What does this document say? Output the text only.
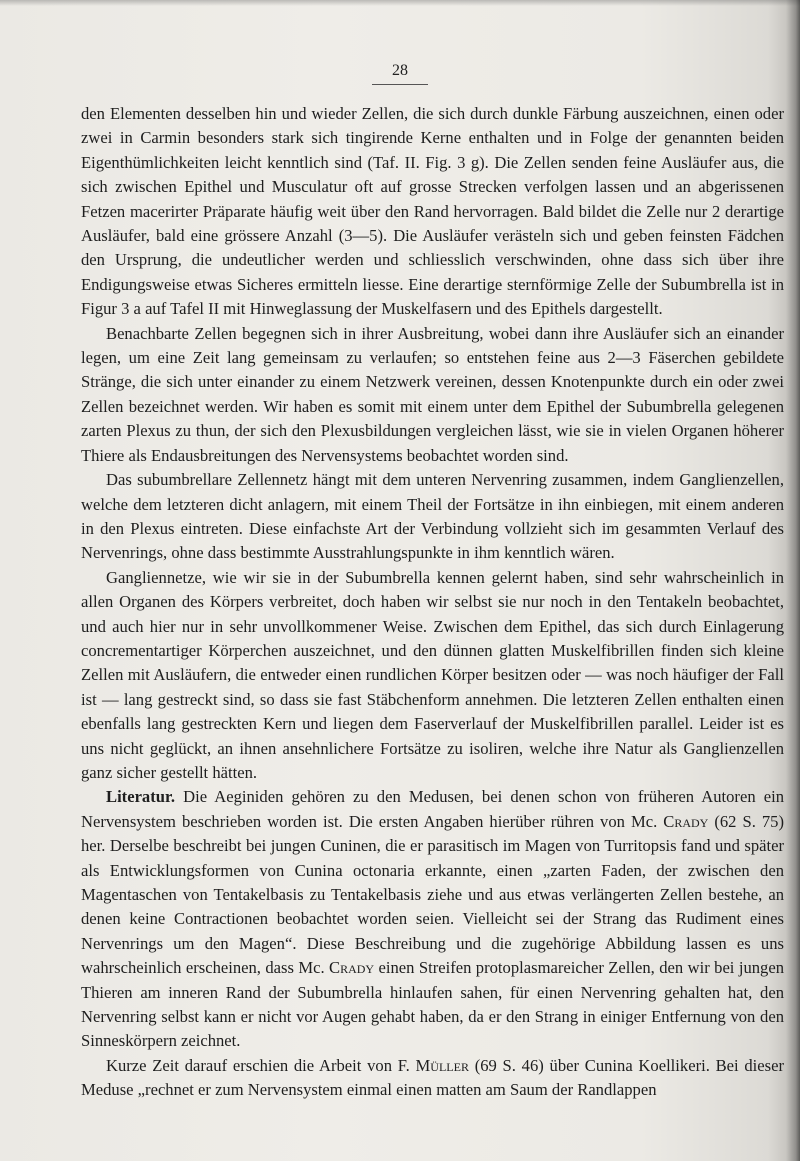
28

den Elementen desselben hin und wieder Zellen, die sich durch dunkle Färbung auszeichnen, einen oder zwei in Carmin besonders stark sich tingirende Kerne enthalten und in Folge der genannten beiden Eigenthümlichkeiten leicht kenntlich sind (Taf. II. Fig. 3 g). Die Zellen senden feine Ausläufer aus, die sich zwischen Epithel und Musculatur oft auf grosse Strecken verfolgen lassen und an abgerissenen Fetzen macerirter Präparate häufig weit über den Rand hervorragen. Bald bildet die Zelle nur 2 derartige Ausläufer, bald eine grössere Anzahl (3—5). Die Ausläufer verästeln sich und geben feinsten Fädchen den Ursprung, die undeutlicher werden und schliesslich verschwinden, ohne dass sich über ihre Endigungsweise etwas Sicheres ermitteln liesse. Eine derartige sternförmige Zelle der Subumbrella ist in Figur 3 a auf Tafel II mit Hinweglassung der Muskelfasern und des Epithels dargestellt.

Benachbarte Zellen begegnen sich in ihrer Ausbreitung, wobei dann ihre Ausläufer sich an einander legen, um eine Zeit lang gemeinsam zu verlaufen; so entstehen feine aus 2—3 Fäserchen gebildete Stränge, die sich unter einander zu einem Netzwerk vereinen, dessen Knotenpunkte durch ein oder zwei Zellen bezeichnet werden. Wir haben es somit mit einem unter dem Epithel der Subumbrella gelegenen zarten Plexus zu thun, der sich den Plexusbildungen vergleichen lässt, wie sie in vielen Organen höherer Thiere als Endausbreitungen des Nervensystems beobachtet worden sind.

Das subumbrellare Zellennetz hängt mit dem unteren Nervenring zusammen, indem Ganglienzellen, welche dem letzteren dicht anlagern, mit einem Theil der Fortsätze in ihn einbiegen, mit einem anderen in den Plexus eintreten. Diese einfachste Art der Verbindung vollzieht sich im gesammten Verlauf des Nervenrings, ohne dass bestimmte Ausstrahlungspunkte in ihm kenntlich wären.

Gangliennetze, wie wir sie in der Subumbrella kennen gelernt haben, sind sehr wahrscheinlich in allen Organen des Körpers verbreitet, doch haben wir selbst sie nur noch in den Tentakeln beobachtet, und auch hier nur in sehr unvollkommener Weise. Zwischen dem Epithel, das sich durch Einlagerung concrementartiger Körperchen auszeichnet, und den dünnen glatten Muskelfibrillen finden sich kleine Zellen mit Ausläufern, die entweder einen rundlichen Körper besitzen oder — was noch häufiger der Fall ist — lang gestreckt sind, so dass sie fast Stäbchenform annehmen. Die letzteren Zellen enthalten einen ebenfalls lang gestreckten Kern und liegen dem Faserverlauf der Muskelfibrillen parallel. Leider ist es uns nicht geglückt, an ihnen ansehnlichere Fortsätze zu isoliren, welche ihre Natur als Ganglienzellen ganz sicher gestellt hätten.

Literatur. Die Aeginiden gehören zu den Medusen, bei denen schon von früheren Autoren ein Nervensystem beschrieben worden ist. Die ersten Angaben hierüber rühren von Mc. Crady (62 S. 75) her. Derselbe beschreibt bei jungen Cuninen, die er parasitisch im Magen von Turritopsis fand und später als Entwicklungsformen von Cunina octonaria erkannte, einen „zarten Faden, der zwischen den Magentaschen von Tentakelbasis zu Tentakelbasis ziehe und aus etwas verlängerten Zellen bestehe, an denen keine Contractionen beobachtet worden seien. Vielleicht sei der Strang das Rudiment eines Nervenrings um den Magen“. Diese Beschreibung und die zugehörige Abbildung lassen es uns wahrscheinlich erscheinen, dass Mc. Crady einen Streifen protoplasmareicher Zellen, den wir bei jungen Thieren am inneren Rand der Subumbrella hinlaufen sahen, für einen Nervenring gehalten hat, den Nervenring selbst kann er nicht vor Augen gehabt haben, da er den Strang in einiger Entfernung von den Sinneskörpern zeichnet.

Kurze Zeit darauf erschien die Arbeit von F. Müller (69 S. 46) über Cunina Koellikeri. Bei dieser Meduse „rechnet er zum Nervensystem einmal einen matten am Saum der Randlappen
